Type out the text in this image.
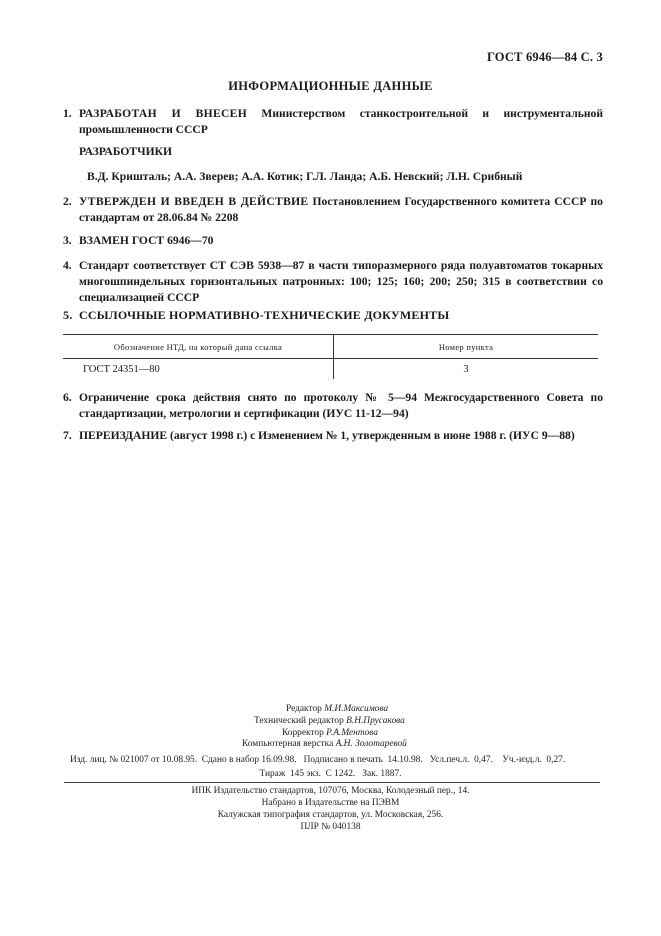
ГОСТ 6946—84 С. 3
ИНФОРМАЦИОННЫЕ ДАННЫЕ
1. РАЗРАБОТАН И ВНЕСЕН Министерством станкостроительной и инструментальной промышленности СССР
РАЗРАБОТЧИКИ
В.Д. Кришталь; А.А. Зверев; А.А. Котик; Г.Л. Ланда; А.Б. Невский; Л.Н. Срибный
2. УТВЕРЖДЕН И ВВЕДЕН В ДЕЙСТВИЕ Постановлением Государственного комитета СССР по стандартам от 28.06.84 № 2208
3. ВЗАМЕН ГОСТ 6946—70
4. Стандарт соответствует СТ СЭВ 5938—87 в части типоразмерного ряда полуавтоматов токарных многошпиндельных горизонтальных патронных: 100; 125; 160; 200; 250; 315 в соответствии со специализацией СССР
5. ССЫЛОЧНЫЕ НОРМАТИВНО-ТЕХНИЧЕСКИЕ ДОКУМЕНТЫ
Обозначение НТД, на который дана ссылка	Номер пункта
ГОСТ 24351—80	3
6. Ограничение срока действия снято по протоколу № 5—94 Межгосударственного Совета по стандартизации, метрологии и сертификации (ИУС 11-12—94)
7. ПЕРЕИЗДАНИЕ (август 1998 г.) с Изменением № 1, утвержденным в июне 1988 г. (ИУС 9—88)
Редактор М.И.Максимова
Технический редактор В.Н.Прусакова
Корректор Р.А.Ментова
Компьютерная верстка А.Н. Золотаревой
Изд. лиц. № 021007 от 10.08.95.  Сдано в набор 16.09.98.   Подписано в печать  14.10.98.   Усл.печ.л.  0,47.    Уч.-изд.л.  0,27.
Тираж  145 экз.  С 1242.   Зак. 1887.
ИПК Издательство стандартов, 107076, Москва, Колодезный пер., 14.
Набрано в Издательстве на ПЭВМ
Калужская типография стандартов, ул. Московская, 256.
ПЛР № 040138
